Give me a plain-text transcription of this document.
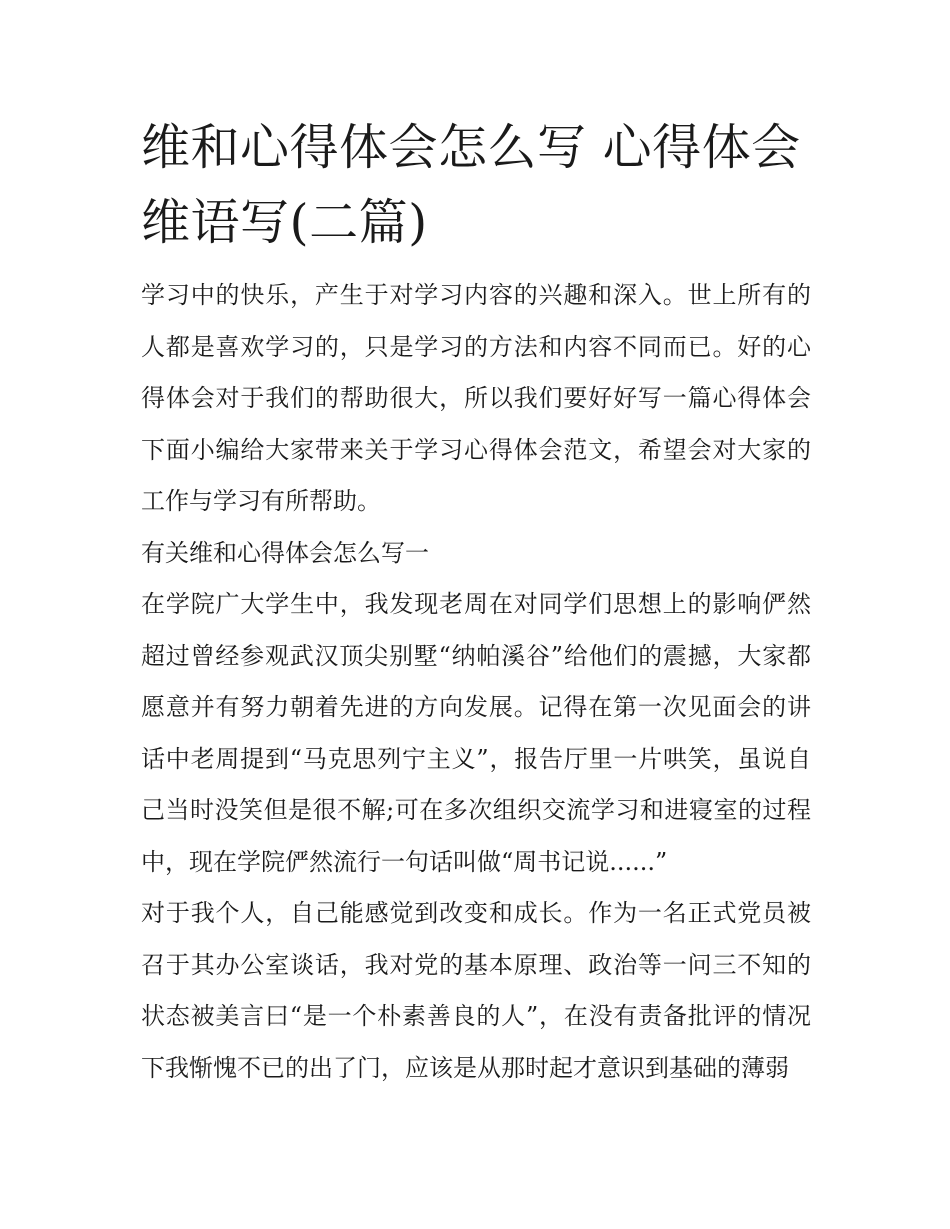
维和心得体会怎么写 心得体会维语写(二篇)

学习中的快乐，产生于对学习内容的兴趣和深入。世上所有的人都是喜欢学习的，只是学习的方法和内容不同而已。好的心得体会对于我们的帮助很大，所以我们要好好写一篇心得体会下面小编给大家带来关于学习心得体会范文，希望会对大家的工作与学习有所帮助。

有关维和心得体会怎么写一

在学院广大学生中，我发现老周在对同学们思想上的影响俨然超过曾经参观武汉顶尖别墅“纳帕溪谷”给他们的震撼，大家都愿意并有努力朝着先进的方向发展。记得在第一次见面会的讲话中老周提到“马克思列宁主义”，报告厅里一片哄笑，虽说自己当时没笑但是很不解;可在多次组织交流学习和进寝室的过程中，现在学院俨然流行一句话叫做“周书记说......”

对于我个人，自己能感觉到改变和成长。作为一名正式党员被召于其办公室谈话，我对党的基本原理、政治等一问三不知的状态被美言曰“是一个朴素善良的人”，在没有责备批评的情况下我惭愧不已的出了门，应该是从那时起才意识到基础的薄弱
